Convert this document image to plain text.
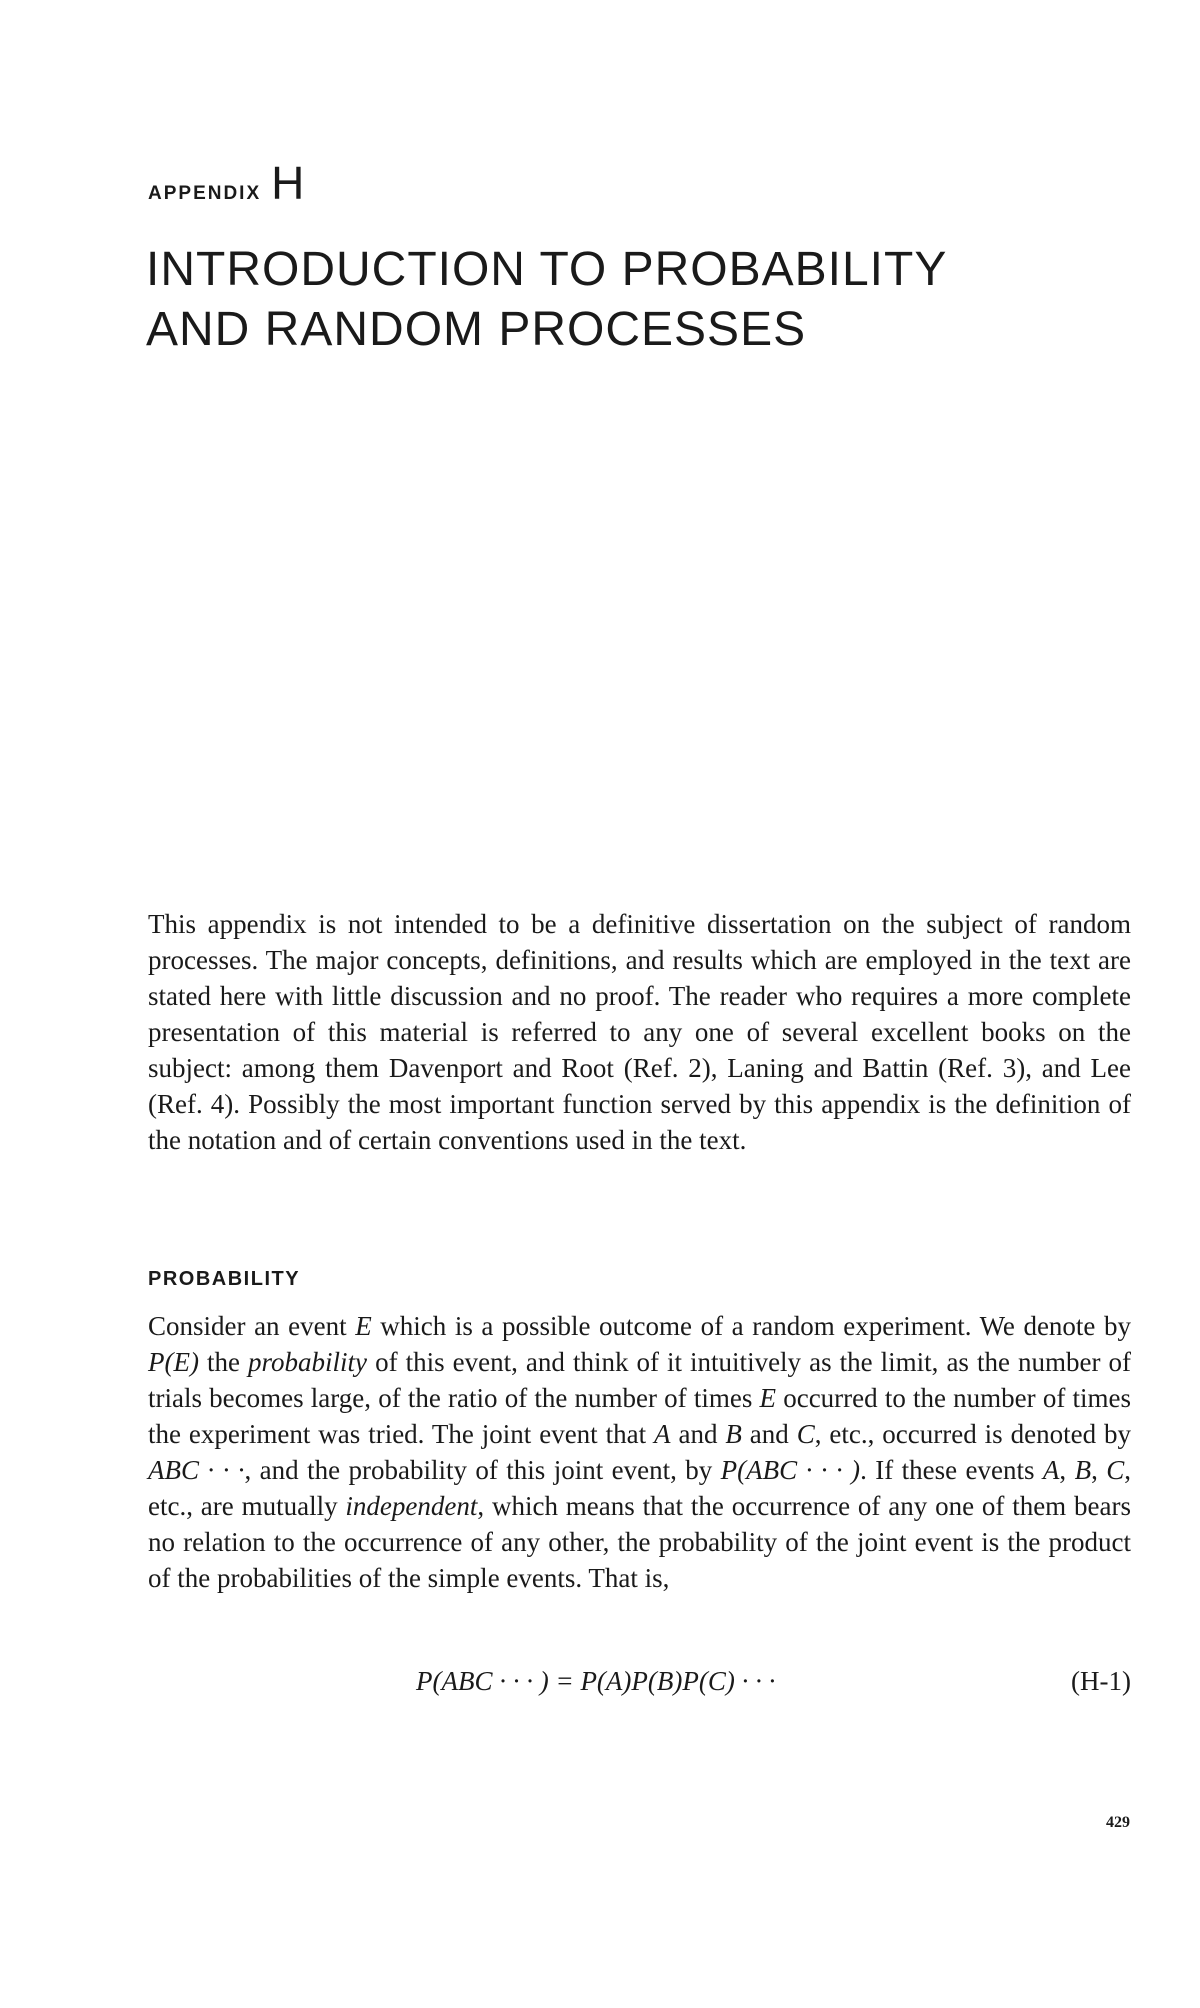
APPENDIX H
INTRODUCTION TO PROBABILITY
AND RANDOM PROCESSES

This appendix is not intended to be a definitive dissertation on the subject of random processes. The major concepts, definitions, and results which are employed in the text are stated here with little discussion and no proof. The reader who requires a more complete presentation of this material is referred to any one of several excellent books on the subject: among them Davenport and Root (Ref. 2), Laning and Battin (Ref. 3), and Lee (Ref. 4). Possibly the most important function served by this appendix is the definition of the notation and of certain conventions used in the text.

PROBABILITY

Consider an event E which is a possible outcome of a random experiment. We denote by P(E) the probability of this event, and think of it intuitively as the limit, as the number of trials becomes large, of the ratio of the number of times E occurred to the number of times the experiment was tried. The joint event that A and B and C, etc., occurred is denoted by ABC · · ·, and the probability of this joint event, by P(ABC · · · ). If these events A, B, C, etc., are mutually independent, which means that the occurrence of any one of them bears no relation to the occurrence of any other, the probability of the joint event is the product of the probabilities of the simple events. That is,

P(ABC · · · ) = P(A)P(B)P(C) · · ·	(H-1)
429
